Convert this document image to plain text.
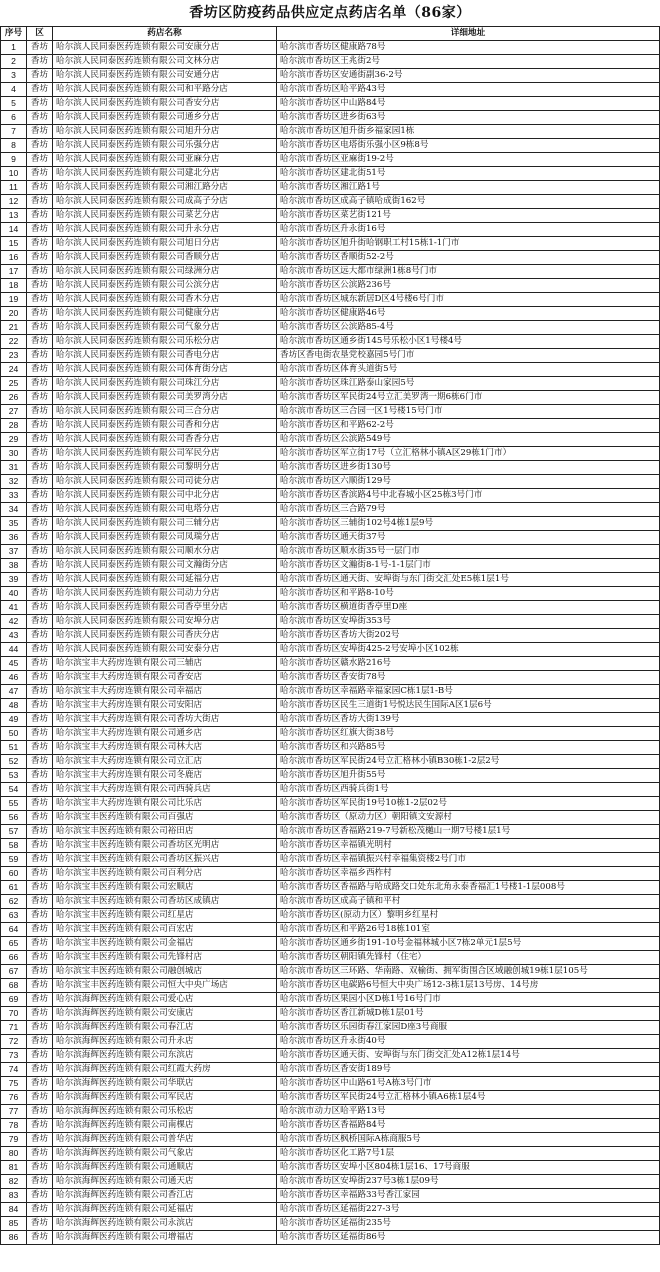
香坊区防疫药品供应定点药店名单（86家）
序号	区	药店名称	详细地址
1	香坊	哈尔滨人民同泰医药连锁有限公司安康分店	哈尔滨市香坊区健康路78号
2	香坊	哈尔滨人民同泰医药连锁有限公司文林分店	哈尔滨市香坊区王兆街2号
3	香坊	哈尔滨人民同泰医药连锁有限公司安通分店	哈尔滨市香坊区安通街副36-2号
4	香坊	哈尔滨人民同泰医药连锁有限公司和平路分店	哈尔滨市香坊区哈平路43号
5	香坊	哈尔滨人民同泰医药连锁有限公司香安分店	哈尔滨市香坊区中山路84号
6	香坊	哈尔滨人民同泰医药连锁有限公司通乡分店	哈尔滨市香坊区进乡街63号
7	香坊	哈尔滨人民同泰医药连锁有限公司旭升分店	哈尔滨市香坊区旭升街乡福家园1栋
8	香坊	哈尔滨人民同泰医药连锁有限公司乐强分店	哈尔滨市香坊区电塔街乐强小区9栋8号
9	香坊	哈尔滨人民同泰医药连锁有限公司亚麻分店	哈尔滨市香坊区亚麻街19-2号
10	香坊	哈尔滨人民同泰医药连锁有限公司建北分店	哈尔滨市香坊区建北街51号
11	香坊	哈尔滨人民同泰医药连锁有限公司湘江路分店	哈尔滨市香坊区湘江路1号
12	香坊	哈尔滨人民同泰医药连锁有限公司成高子分店	哈尔滨市香坊区成高子镇哈成街162号
13	香坊	哈尔滨人民同泰医药连锁有限公司菜艺分店	哈尔滨市香坊区菜艺街121号
14	香坊	哈尔滨人民同泰医药连锁有限公司升永分店	哈尔滨市香坊区升永街16号
15	香坊	哈尔滨人民同泰医药连锁有限公司旭日分店	哈尔滨市香坊区旭升街哈钢职工村15栋1-1门市
16	香坊	哈尔滨人民同泰医药连锁有限公司香顺分店	哈尔滨市香坊区香顺街52-2号
17	香坊	哈尔滨人民同泰医药连锁有限公司绿洲分店	哈尔滨市香坊区远大都市绿洲1栋8号门市
18	香坊	哈尔滨人民同泰医药连锁有限公司公滨分店	哈尔滨市香坊区公滨路236号
19	香坊	哈尔滨人民同泰医药连锁有限公司香木分店	哈尔滨市香坊区城东新居D区4号楼6号门市
20	香坊	哈尔滨人民同泰医药连锁有限公司健康分店	哈尔滨市香坊区健康路46号
21	香坊	哈尔滨人民同泰医药连锁有限公司气象分店	哈尔滨市香坊区公滨路85-4号
22	香坊	哈尔滨人民同泰医药连锁有限公司乐松分店	哈尔滨市香坊区通乡街145号乐松小区1号楼4号
23	香坊	哈尔滨人民同泰医药连锁有限公司香电分店	香坊区香电街农垦党校嘉园5号门市
24	香坊	哈尔滨人民同泰医药连锁有限公司体育街分店	哈尔滨市香坊区体育头道街5号
25	香坊	哈尔滨人民同泰医药连锁有限公司珠江分店	哈尔滨市香坊区珠江路泰山家园5号
26	香坊	哈尔滨人民同泰医药连锁有限公司美罗湾分店	哈尔滨市香坊区军民街24号立汇美罗湾一期6栋6门市
27	香坊	哈尔滨人民同泰医药连锁有限公司三合分店	哈尔滨市香坊区三合园一区1号楼15号门市
28	香坊	哈尔滨人民同泰医药连锁有限公司香和分店	哈尔滨市香坊区和平路62-2号
29	香坊	哈尔滨人民同泰医药连锁有限公司香香分店	哈尔滨市香坊区公滨路549号
30	香坊	哈尔滨人民同泰医药连锁有限公司军民分店	哈尔滨市香坊区军立街17号（立汇格林小镇A区29栋1门市）
31	香坊	哈尔滨人民同泰医药连锁有限公司黎明分店	哈尔滨市香坊区进乡街130号
32	香坊	哈尔滨人民同泰医药连锁有限公司司徒分店	哈尔滨市香坊区六顺街129号
33	香坊	哈尔滨人民同泰医药连锁有限公司中北分店	哈尔滨市香坊区香滨路4号中北春城小区25栋3号门市
34	香坊	哈尔滨人民同泰医药连锁有限公司电塔分店	哈尔滨市香坊区三合路79号
35	香坊	哈尔滨人民同泰医药连锁有限公司三辅分店	哈尔滨市香坊区三辅街102号4栋1层9号
36	香坊	哈尔滨人民同泰医药连锁有限公司凤瑞分店	哈尔滨市香坊区通天街37号
37	香坊	哈尔滨人民同泰医药连锁有限公司顺水分店	哈尔滨市香坊区顺水街35号一层门市
38	香坊	哈尔滨人民同泰医药连锁有限公司文瀚街分店	哈尔滨市香坊区文瀚街8-1号-1-1层门市
39	香坊	哈尔滨人民同泰医药连锁有限公司延福分店	哈尔滨市香坊区通天街、安埠街与东门街交汇处E5栋1层1号
40	香坊	哈尔滨人民同泰医药连锁有限公司动力分店	哈尔滨市香坊区和平路8-10号
41	香坊	哈尔滨人民同泰医药连锁有限公司香亭里分店	哈尔滨市香坊区横道街香亭里D座
42	香坊	哈尔滨人民同泰医药连锁有限公司安埠分店	哈尔滨市香坊区安埠街353号
43	香坊	哈尔滨人民同泰医药连锁有限公司香庆分店	哈尔滨市香坊区香坊大街202号
44	香坊	哈尔滨人民同泰医药连锁有限公司安泰分店	哈尔滨市香坊区安埠街425-2号安埠小区102栋
45	香坊	哈尔滨宝丰大药房连锁有限公司三辅店	哈尔滨市香坊区赣水路216号
46	香坊	哈尔滨宝丰大药房连锁有限公司香安店	哈尔滨市香坊区香安街78号
47	香坊	哈尔滨宝丰大药房连锁有限公司幸福店	哈尔滨市香坊区幸福路幸福家园C栋1层1-B号
48	香坊	哈尔滨宝丰大药房连锁有限公司安阳店	哈尔滨市香坊区民生三道街1号悦达民生国际A区1层6号
49	香坊	哈尔滨宝丰大药房连锁有限公司香坊大街店	哈尔滨市香坊区香坊大街139号
50	香坊	哈尔滨宝丰大药房连锁有限公司通乡店	哈尔滨市香坊区红旗大街38号
51	香坊	哈尔滨宝丰大药房连锁有限公司林大店	哈尔滨市香坊区和兴路85号
52	香坊	哈尔滨宝丰大药房连锁有限公司立汇店	哈尔滨市香坊区军民街24号立汇格林小镇B30栋1-2层2号
53	香坊	哈尔滨宝丰大药房连锁有限公司冬鹿店	哈尔滨市香坊区旭升街55号
54	香坊	哈尔滨宝丰大药房连锁有限公司西骑兵店	哈尔滨市香坊区西骑兵街1号
55	香坊	哈尔滨宝丰大药房连锁有限公司比乐店	哈尔滨市香坊区军民街19号10栋1-2层02号
56	香坊	哈尔滨宝丰医药连锁有限公司百强店	哈尔滨市香坊区（原动力区）朝阳镇文安源村
57	香坊	哈尔滨宝丰医药连锁有限公司裕田店	哈尔滨市香坊区香福路219-7号新松茂樾山一期7号楼1层1号
58	香坊	哈尔滨宝丰医药连锁有限公司香坊区光明店	哈尔滨市香坊区幸福镇光明村
59	香坊	哈尔滨宝丰医药连锁有限公司香坊区振兴店	哈尔滨市香坊区幸福镇振兴村幸福集资楼2号门市
60	香坊	哈尔滨宝丰医药连锁有限公司百利分店	哈尔滨市香坊区幸福乡西柞村
61	香坊	哈尔滨宝丰医药连锁有限公司宏顺店	哈尔滨市香坊区香福路与哈成路交口处东北角永泰香福汇1号楼1-1层008号
62	香坊	哈尔滨宝丰医药连锁有限公司香坊区成镇店	哈尔滨市香坊区成高子镇和平村
63	香坊	哈尔滨宝丰医药连锁有限公司红星店	哈尔滨市香坊区(原动力区）黎明乡红星村
64	香坊	哈尔滨宝丰医药连锁有限公司百宏店	哈尔滨市香坊区和平路26号18栋101室
65	香坊	哈尔滨宝丰医药连锁有限公司金福店	哈尔滨市香坊区通乡街191-10号金福林城小区7栋2单元1层5号
66	香坊	哈尔滨宝丰医药连锁有限公司先锋村店	哈尔滨市香坊区朝阳镇先锋村（住宅）
67	香坊	哈尔滨宝丰医药连锁有限公司融创城店	哈尔滨市香坊区三环路、华南路、双榆街、拥军街围合区域融创城19栋1层105号
68	香坊	哈尔滨宝丰医药连锁有限公司恒大中央广场店	哈尔滨市香坊区电碳路6号恒大中央广场12-3栋1层13号房、14号房
69	香坊	哈尔滨海辉医药连锁有限公司爱心店	哈尔滨市香坊区果园小区D栋1号16号门市
70	香坊	哈尔滨海辉医药连锁有限公司安康店	哈尔滨市香坊区香江新城D栋1层01号
71	香坊	哈尔滨海辉医药连锁有限公司春江店	哈尔滨市香坊区乐园街春江家园D座3号商服
72	香坊	哈尔滨海辉医药连锁有限公司升永店	哈尔滨市香坊区升永街40号
73	香坊	哈尔滨海辉医药连锁有限公司东滨店	哈尔滨市香坊区通天街、安埠街与东门街交汇处A12栋1层14号
74	香坊	哈尔滨海辉医药连锁有限公司红霞大药房	哈尔滨市香坊区香安街189号
75	香坊	哈尔滨海辉医药连锁有限公司华联店	哈尔滨市香坊区中山路61号A栋3号门市
76	香坊	哈尔滨海辉医药连锁有限公司军民店	哈尔滨市香坊区军民街24号立汇格林小镇A6栋1层4号
77	香坊	哈尔滨海辉医药连锁有限公司乐松店	哈尔滨市动力区哈平路13号
78	香坊	哈尔滨海辉医药连锁有限公司南棵店	哈尔滨市香坊区香福路84号
79	香坊	哈尔滨海辉医药连锁有限公司普华店	哈尔滨市香坊区枫桥国际A栋商服5号
80	香坊	哈尔滨海辉医药连锁有限公司气象店	哈尔滨市香坊区化工路7号1层
81	香坊	哈尔滨海辉医药连锁有限公司通顺店	哈尔滨市香坊区安埠小区804栋1层16、17号商服
82	香坊	哈尔滨海辉医药连锁有限公司通天店	哈尔滨市香坊区安埠街237号3栋1层09号
83	香坊	哈尔滨海辉医药连锁有限公司香江店	哈尔滨市香坊区幸福路33号香江家园
84	香坊	哈尔滨海辉医药连锁有限公司延福店	哈尔滨市香坊区延福街227-3号
85	香坊	哈尔滨海辉医药连锁有限公司永滨店	哈尔滨市香坊区延福街235号
86	香坊	哈尔滨海辉医药连锁有限公司增福店	哈尔滨市香坊区延福街86号
